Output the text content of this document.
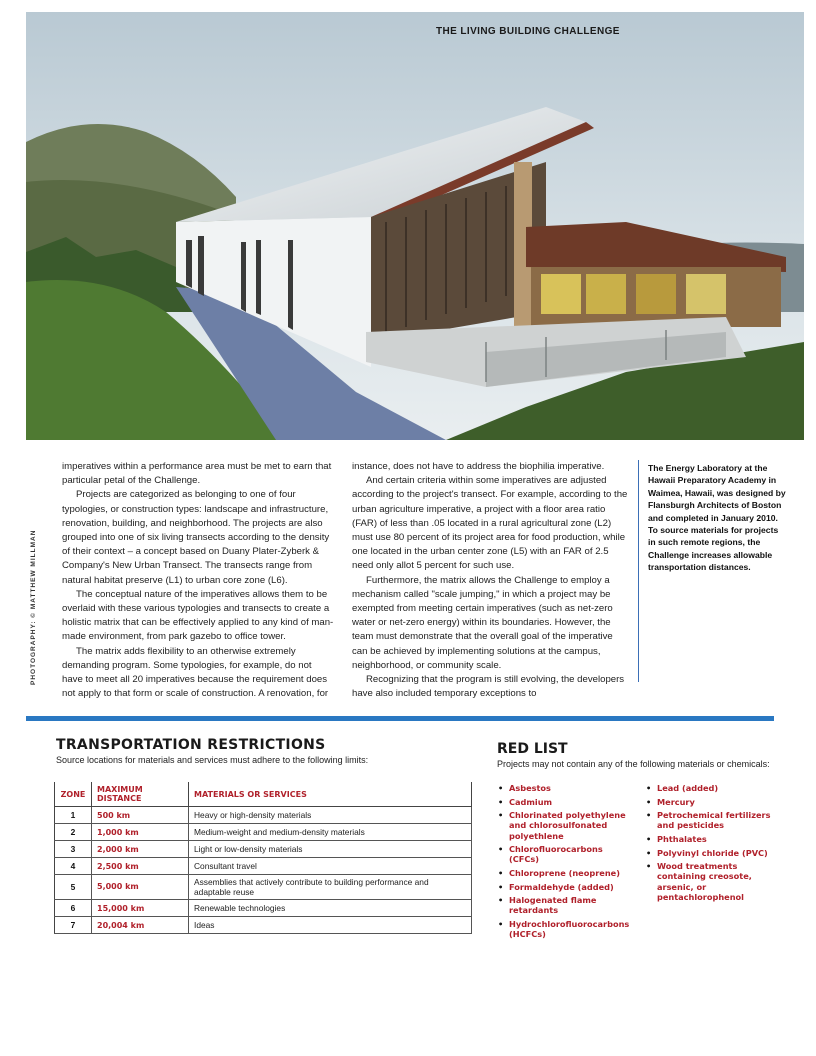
THE LIVING BUILDING CHALLENGE
PHOTOGRAPHY: © MATTHEW MILLMAN

imperatives within a performance area must be met to earn that particular petal of the Challenge.

Projects are categorized as belonging to one of four typologies, or construction types: landscape and infrastructure, renovation, building, and neighborhood. The projects are also grouped into one of six living transects according to the density of their context – a concept based on Duany Plater-Zyberk & Company's New Urban Transect. The transects range from natural habitat preserve (L1) to urban core zone (L6).

The conceptual nature of the imperatives allows them to be overlaid with these various typologies and transects to create a holistic matrix that can be effectively applied to any kind of man-made environment, from park gazebo to office tower.

The matrix adds flexibility to an otherwise extremely demanding program. Some typologies, for example, do not have to meet all 20 imperatives because the requirement does not apply to that form or scale of construction. A renovation, for

instance, does not have to address the biophilia imperative.

And certain criteria within some imperatives are adjusted according to the project's transect. For example, according to the urban agriculture imperative, a project with a floor area ratio (FAR) of less than .05 located in a rural agricultural zone (L2) must use 80 percent of its project area for food production, while one located in the urban center zone (L5) with an FAR of 2.5 need only allot 5 percent for such use.

Furthermore, the matrix allows the Challenge to employ a mechanism called "scale jumping," in which a project may be exempted from meeting certain imperatives (such as net-zero water or net-zero energy) within its boundaries. However, the team must demonstrate that the overall goal of the imperative can be achieved by implementing solutions at the campus, neighborhood, or community scale.

Recognizing that the program is still evolving, the developers have also included temporary exceptions to

The Energy Laboratory at the Hawaii Preparatory Academy in Waimea, Hawaii, was designed by Flansburgh Architects of Boston and completed in January 2010. To source materials for projects in such remote regions, the Challenge increases allowable transportation distances.
TRANSPORTATION RESTRICTIONS
Source locations for materials and services must adhere to the following limits:
ZONE	MAXIMUM DISTANCE	MATERIALS OR SERVICES
1	500 km	Heavy or high-density materials
2	1,000 km	Medium-weight and medium-density materials
3	2,000 km	Light or low-density materials
4	2,500 km	Consultant travel
5	5,000 km	Assemblies that actively contribute to building performance and adaptable reuse
6	15,000 km	Renewable technologies
7	20,004 km	Ideas
RED LIST
Projects may not contain any of the following materials or chemicals:
• Asbestos
• Cadmium
• Chlorinated polyethylene and chlorosulfonated polyethlene
• Chlorofluorocarbons (CFCs)
• Chloroprene (neoprene)
• Formaldehyde (added)
• Halogenated flame retardants
• Hydrochlorofluorocarbons (HCFCs)
• Lead (added)
• Mercury
• Petrochemical fertilizers and pesticides
• Phthalates
• Polyvinyl chloride (PVC)
• Wood treatments containing creosote, arsenic, or pentachlorophenol
